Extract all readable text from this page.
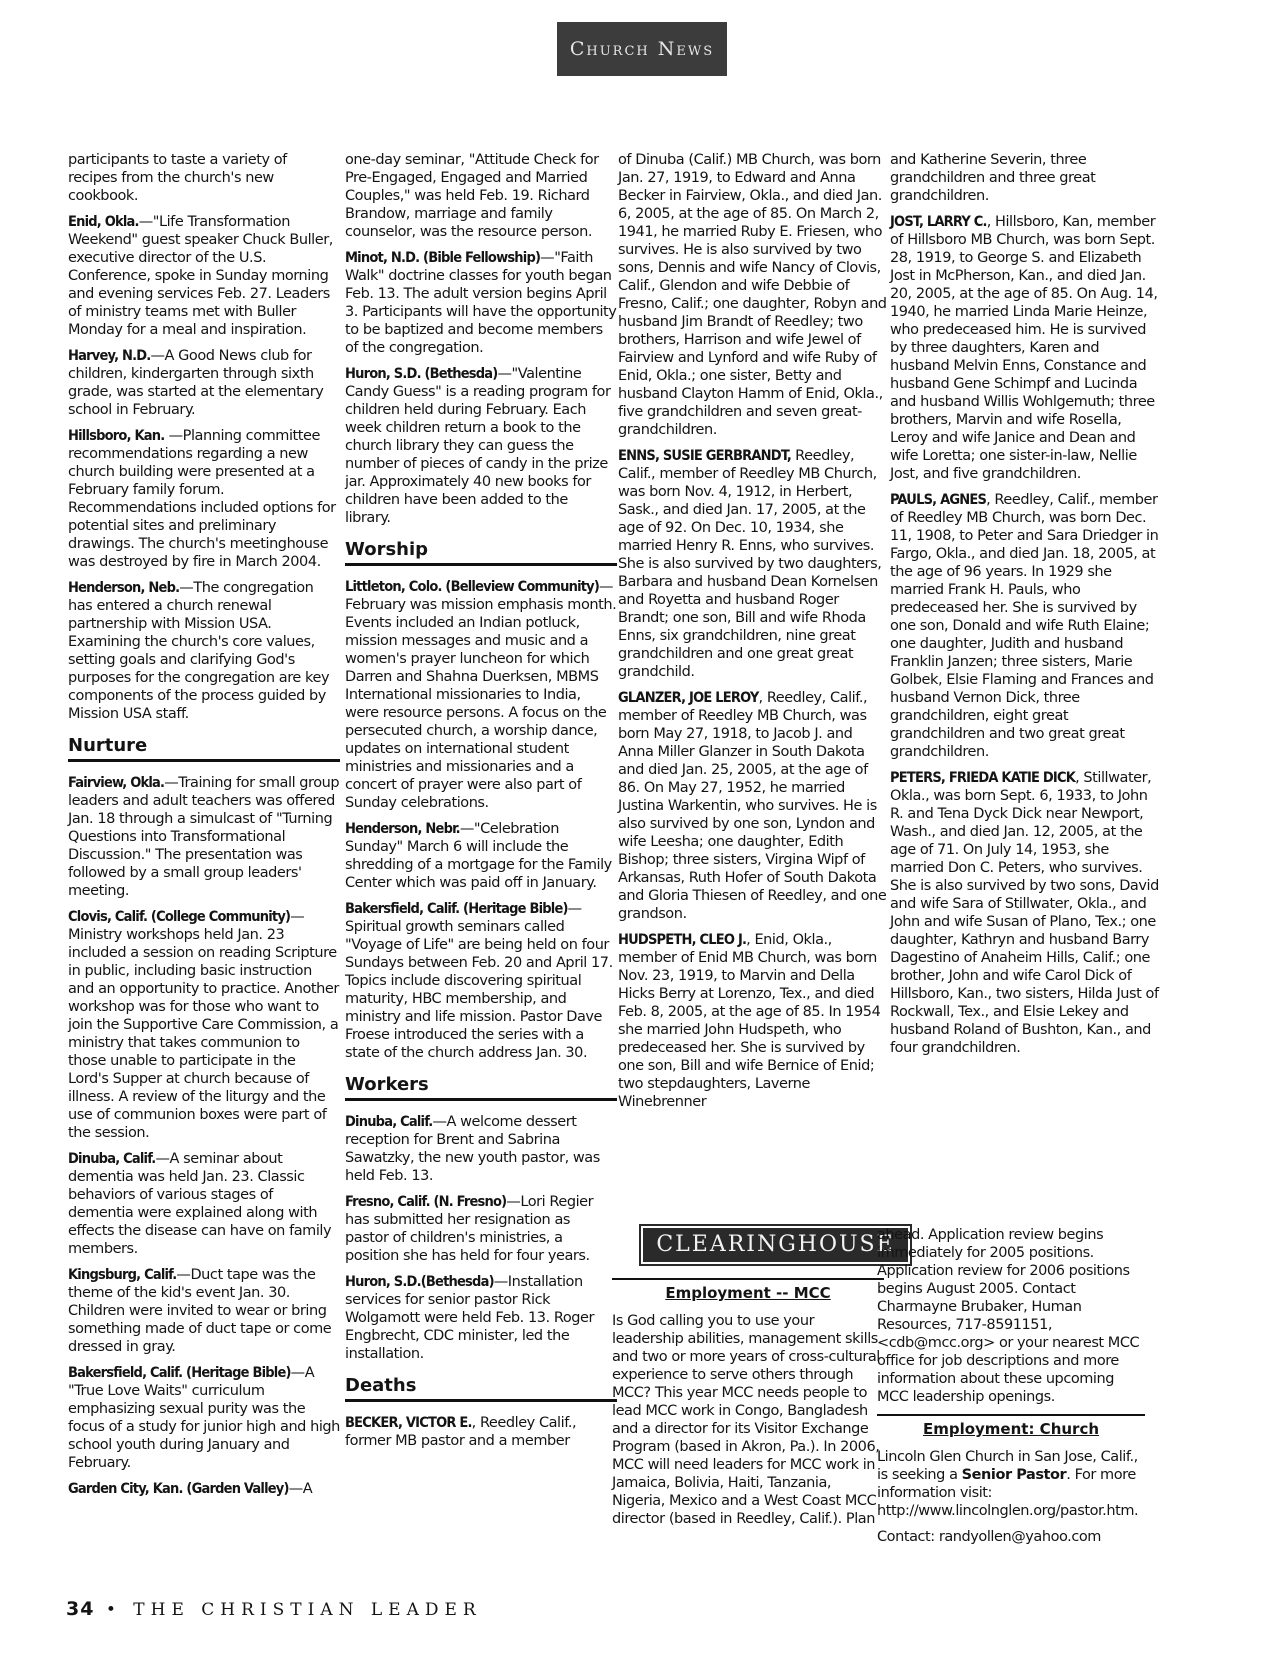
Church News
participants to taste a variety of recipes from the church's new cookbook.
Enid, Okla.—"Life Transformation Weekend" guest speaker Chuck Buller, executive director of the U.S. Conference, spoke in Sunday morning and evening services Feb. 27. Leaders of ministry teams met with Buller Monday for a meal and inspiration.
Harvey, N.D.—A Good News club for children, kindergarten through sixth grade, was started at the elementary school in February.
Hillsboro, Kan. —Planning committee recommendations regarding a new church building were presented at a February family forum. Recommendations included options for potential sites and preliminary drawings. The church's meetinghouse was destroyed by fire in March 2004.
Henderson, Neb.—The congregation has entered a church renewal partnership with Mission USA. Examining the church's core values, setting goals and clarifying God's purposes for the congregation are key components of the process guided by Mission USA staff.
Nurture
Fairview, Okla.—Training for small group leaders and adult teachers was offered Jan. 18 through a simulcast of "Turning Questions into Transformational Discussion." The presentation was followed by a small group leaders' meeting.
Clovis, Calif. (College Community)—Ministry workshops held Jan. 23 included a session on reading Scripture in public, including basic instruction and an opportunity to practice. Another workshop was for those who want to join the Supportive Care Commission, a ministry that takes communion to those unable to participate in the Lord's Supper at church because of illness. A review of the liturgy and the use of communion boxes were part of the session.
Dinuba, Calif.—A seminar about dementia was held Jan. 23. Classic behaviors of various stages of dementia were explained along with effects the disease can have on family members.
Kingsburg, Calif.—Duct tape was the theme of the kid's event Jan. 30. Children were invited to wear or bring something made of duct tape or come dressed in gray.
Bakersfield, Calif. (Heritage Bible)—A "True Love Waits" curriculum emphasizing sexual purity was the focus of a study for junior high and high school youth during January and February.
Garden City, Kan. (Garden Valley)—A
one-day seminar, "Attitude Check for Pre-Engaged, Engaged and Married Couples," was held Feb. 19. Richard Brandow, marriage and family counselor, was the resource person.
Minot, N.D. (Bible Fellowship)—"Faith Walk" doctrine classes for youth began Feb. 13. The adult version begins April 3. Participants will have the opportunity to be baptized and become members of the congregation.
Huron, S.D. (Bethesda)—"Valentine Candy Guess" is a reading program for children held during February. Each week children return a book to the church library they can guess the number of pieces of candy in the prize jar. Approximately 40 new books for children have been added to the library.
Worship
Littleton, Colo. (Belleview Community)—February was mission emphasis month. Events included an Indian potluck, mission messages and music and a women's prayer luncheon for which Darren and Shahna Duerksen, MBMS International missionaries to India, were resource persons. A focus on the persecuted church, a worship dance, updates on international student ministries and missionaries and a concert of prayer were also part of Sunday celebrations.
Henderson, Nebr.—"Celebration Sunday" March 6 will include the shredding of a mortgage for the Family Center which was paid off in January.
Bakersfield, Calif. (Heritage Bible)—Spiritual growth seminars called "Voyage of Life" are being held on four Sundays between Feb. 20 and April 17. Topics include discovering spiritual maturity, HBC membership, and ministry and life mission. Pastor Dave Froese introduced the series with a state of the church address Jan. 30.
Workers
Dinuba, Calif.—A welcome dessert reception for Brent and Sabrina Sawatzky, the new youth pastor, was held Feb. 13.
Fresno, Calif. (N. Fresno)—Lori Regier has submitted her resignation as pastor of children's ministries, a position she has held for four years.
Huron, S.D.(Bethesda)—Installation services for senior pastor Rick Wolgamott were held Feb. 13. Roger Engbrecht, CDC minister, led the installation.
Deaths
BECKER, VICTOR E., Reedley Calif., former MB pastor and a member
of Dinuba (Calif.) MB Church, was born Jan. 27, 1919, to Edward and Anna Becker in Fairview, Okla., and died Jan. 6, 2005, at the age of 85. On March 2, 1941, he married Ruby E. Friesen, who survives. He is also survived by two sons, Dennis and wife Nancy of Clovis, Calif., Glendon and wife Debbie of Fresno, Calif.; one daughter, Robyn and husband Jim Brandt of Reedley; two brothers, Harrison and wife Jewel of Fairview and Lynford and wife Ruby of Enid, Okla.; one sister, Betty and husband Clayton Hamm of Enid, Okla., five grandchildren and seven great-grandchildren.
ENNS, SUSIE GERBRANDT, Reedley, Calif., member of Reedley MB Church, was born Nov. 4, 1912, in Herbert, Sask., and died Jan. 17, 2005, at the age of 92. On Dec. 10, 1934, she married Henry R. Enns, who survives. She is also survived by two daughters, Barbara and husband Dean Kornelsen and Royetta and husband Roger Brandt; one son, Bill and wife Rhoda Enns, six grandchildren, nine great grandchildren and one great great grandchild.
GLANZER, JOE LEROY, Reedley, Calif., member of Reedley MB Church, was born May 27, 1918, to Jacob J. and Anna Miller Glanzer in South Dakota and died Jan. 25, 2005, at the age of 86. On May 27, 1952, he married Justina Warkentin, who survives. He is also survived by one son, Lyndon and wife Leesha; one daughter, Edith Bishop; three sisters, Virgina Wipf of Arkansas, Ruth Hofer of South Dakota and Gloria Thiesen of Reedley, and one grandson.
HUDSPETH, CLEO J., Enid, Okla., member of Enid MB Church, was born Nov. 23, 1919, to Marvin and Della Hicks Berry at Lorenzo, Tex., and died Feb. 8, 2005, at the age of 85. In 1954 she married John Hudspeth, who predeceased her. She is survived by one son, Bill and wife Bernice of Enid; two stepdaughters, Laverne Winebrenner
and Katherine Severin, three grandchildren and three great grandchildren.
JOST, LARRY C., Hillsboro, Kan, member of Hillsboro MB Church, was born Sept. 28, 1919, to George S. and Elizabeth Jost in McPherson, Kan., and died Jan. 20, 2005, at the age of 85. On Aug. 14, 1940, he married Linda Marie Heinze, who predeceased him. He is survived by three daughters, Karen and husband Melvin Enns, Constance and husband Gene Schimpf and Lucinda and husband Willis Wohlgemuth; three brothers, Marvin and wife Rosella, Leroy and wife Janice and Dean and wife Loretta; one sister-in-law, Nellie Jost, and five grandchildren.
PAULS, AGNES, Reedley, Calif., member of Reedley MB Church, was born Dec. 11, 1908, to Peter and Sara Driedger in Fargo, Okla., and died Jan. 18, 2005, at the age of 96 years. In 1929 she married Frank H. Pauls, who predeceased her. She is survived by one son, Donald and wife Ruth Elaine; one daughter, Judith and husband Franklin Janzen; three sisters, Marie Golbek, Elsie Flaming and Frances and husband Vernon Dick, three grandchildren, eight great grandchildren and two great great grandchildren.
PETERS, FRIEDA KATIE DICK, Stillwater, Okla., was born Sept. 6, 1933, to John R. and Tena Dyck Dick near Newport, Wash., and died Jan. 12, 2005, at the age of 71. On July 14, 1953, she married Don C. Peters, who survives. She is also survived by two sons, David and wife Sara of Stillwater, Okla., and John and wife Susan of Plano, Tex.; one daughter, Kathryn and husband Barry Dagestino of Anaheim Hills, Calif.; one brother, John and wife Carol Dick of Hillsboro, Kan., two sisters, Hilda Just of Rockwall, Tex., and Elsie Lekey and husband Roland of Bushton, Kan., and four grandchildren.
CLEARINGHOUSE
Employment -- MCC
Is God calling you to use your leadership abilities, management skills and two or more years of cross-cultural experience to serve others through MCC? This year MCC needs people to lead MCC work in Congo, Bangladesh and a director for its Visitor Exchange Program (based in Akron, Pa.). In 2006, MCC will need leaders for MCC work in Jamaica, Bolivia, Haiti, Tanzania, Nigeria, Mexico and a West Coast MCC director (based in Reedley, Calif.). Plan
ahead. Application review begins immediately for 2005 positions. Application review for 2006 positions begins August 2005. Contact Charmayne Brubaker, Human Resources, 717-8591151, <cdb@mcc.org> or your nearest MCC office for job descriptions and more information about these upcoming MCC leadership openings.
Employment: Church
Lincoln Glen Church in San Jose, Calif., is seeking a Senior Pastor. For more information visit: http://www.lincolnglen.org/pastor.htm.
Contact: randyollen@yahoo.com
34 • THE CHRISTIAN LEADER
